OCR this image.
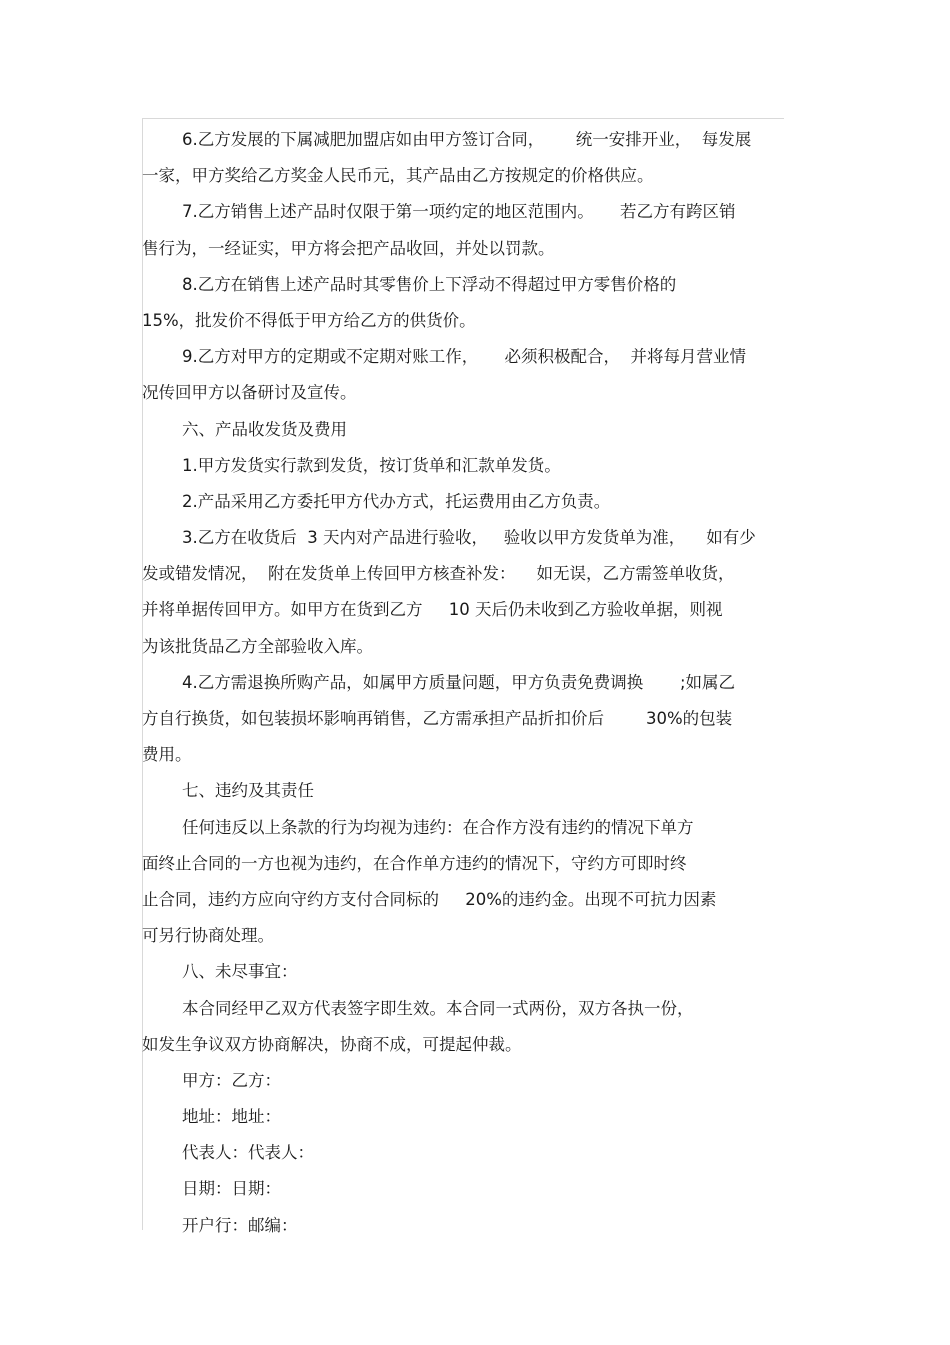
6.乙方发展的下属减肥加盟店如由甲方签订合同，      统一安排开业，  每发展
一家，甲方奖给乙方奖金人民币元，其产品由乙方按规定的价格供应。
7.乙方销售上述产品时仅限于第一项约定的地区范围内。     若乙方有跨区销
售行为，一经证实，甲方将会把产品收回，并处以罚款。
8.乙方在销售上述产品时其零售价上下浮动不得超过甲方零售价格的
15%，批发价不得低于甲方给乙方的供货价。
9.乙方对甲方的定期或不定期对账工作，     必须积极配合，  并将每月营业情
况传回甲方以备研讨及宣传。
六、产品收发货及费用
1.甲方发货实行款到发货，按订货单和汇款单发货。
2.产品采用乙方委托甲方代办方式，托运费用由乙方负责。
3.乙方在收货后  3 天内对产品进行验收，   验收以甲方发货单为准，    如有少
发或错发情况，  附在发货单上传回甲方核查补发：    如无误，乙方需签单收货，
并将单据传回甲方。如甲方在货到乙方     10 天后仍未收到乙方验收单据，则视
为该批货品乙方全部验收入库。
4.乙方需退换所购产品，如属甲方质量问题，甲方负责免费调换       ;如属乙
方自行换货，如包装损坏影响再销售，乙方需承担产品折扣价后        30%的包装
费用。
七、违约及其责任
任何违反以上条款的行为均视为违约：在合作方没有违约的情况下单方
面终止合同的一方也视为违约，在合作单方违约的情况下，守约方可即时终
止合同，违约方应向守约方支付合同标的     20%的违约金。出现不可抗力因素
可另行协商处理。
八、未尽事宜：
本合同经甲乙双方代表签字即生效。本合同一式两份，双方各执一份，
如发生争议双方协商解决，协商不成，可提起仲裁。
甲方：乙方：
地址：地址：
代表人：代表人：
日期：日期：
开户行：邮编：
